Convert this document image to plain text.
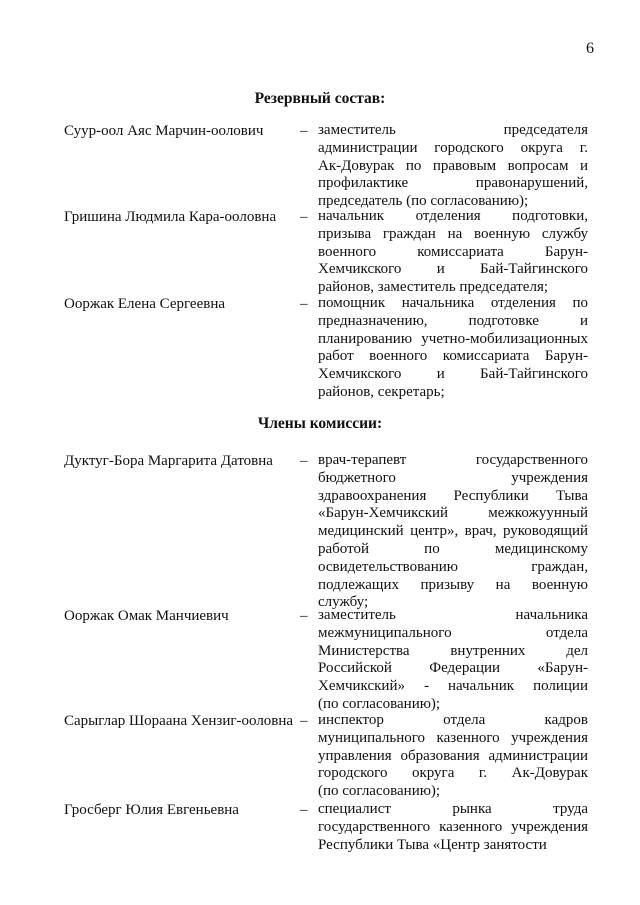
6
Резервный состав:
Суур-оол Аяс Марчин-оолович	– заместитель председателя
администрации городского округа г.
Ак-Довурак по правовым вопросам и
профилактике правонарушений,
председатель (по согласованию);
Гришина Людмила Кара-ооловна	– начальник отделения подготовки,
призыва граждан на военную службу
военного комиссариата Барун-
Хемчикского и Бай-Тайгинского
районов, заместитель председателя;
Ооржак Елена Сергеевна	– помощник начальника отделения по
предназначению, подготовке и
планированию учетно-мобилизационных
работ военного комиссариата Барун-
Хемчикского и Бай-Тайгинского
районов, секретарь;
Члены комиссии:
Дуктуг-Бора Маргарита Датовна	– врач-терапевт государственного
бюджетного учреждения
здравоохранения Республики Тыва
«Барун-Хемчикский межкожуунный
медицинский центр», врач, руководящий
работой по медицинскому
освидетельствованию граждан,
подлежащих призыву на военную
службу;
Ооржак Омак Манчиевич	– заместитель начальника
межмуниципального отдела
Министерства внутренних дел
Российской Федерации «Барун-
Хемчикский» - начальник полиции
(по согласованию);
Сарыглар Шораана Хензиг-ооловна – инспектор отдела кадров
муниципального казенного учреждения
управления образования администрации
городского округа г. Ак-Довурак
(по согласованию);
Гросберг Юлия Евгеньевна	– специалист рынка труда
государственного казенного учреждения
Республики Тыва «Центр занятости
